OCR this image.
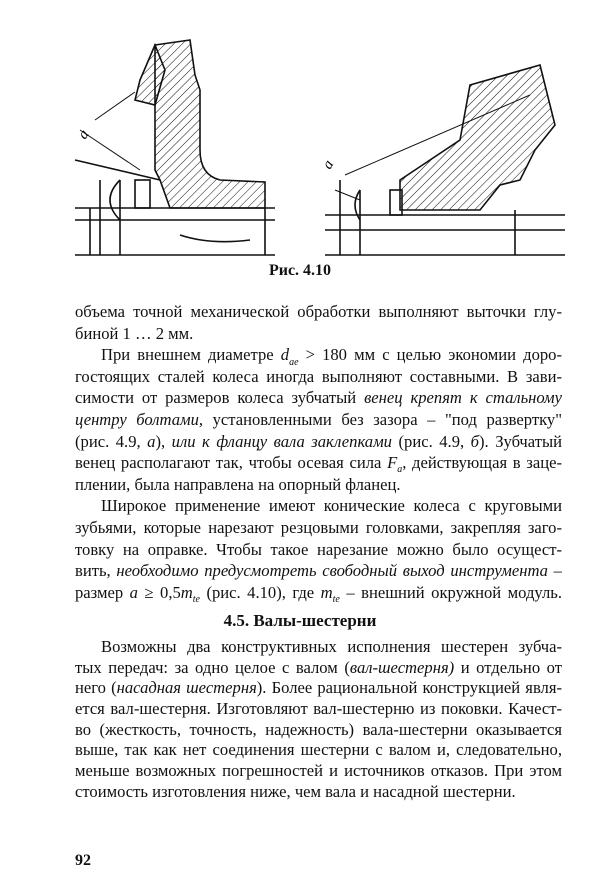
a
a
Рис. 4.10
объема точной механической обработки выполняют выточки глу-
биной 1 … 2 мм.
При внешнем диаметре $d_{ae} > 180$ мм с целью экономии доро-
гостоящих сталей колеса иногда выполняют составными. В зави-
симости от размеров колеса зубчатый венец крепят к стальному
центру болтами, установленными без зазора – "под развертку"
(рис. 4.9, а), или к фланцу вала заклепками (рис. 4.9, б). Зубчатый
венец располагают так, чтобы осевая сила $F_a$, действующая в заце-
плении, была направлена на опорный фланец.
Широкое применение имеют конические колеса с круговыми
зубьями, которые нарезают резцовыми головками, закрепляя заго-
товку на оправке. Чтобы такое нарезание можно было осущест-
вить, необходимо предусмотреть свободный выход инструмента –
размер $a \ge 0,5m_{te}$ (рис. 4.10), где $m_{te}$ – внешний окружной модуль.
4.5. Валы-шестерни
Возможны два конструктивных исполнения шестерен зубча-
тых передач: за одно целое с валом (вал-шестерня) и отдельно от
него (насадная шестерня). Более рациональной конструкцией явля-
ется вал-шестерня. Изготовляют вал-шестерню из поковки. Качест-
во (жесткость, точность, надежность) вала-шестерни оказывается
выше, так как нет соединения шестерни с валом и, следовательно,
меньше возможных погрешностей и источников отказов. При этом
стоимость изготовления ниже, чем вала и насадной шестерни.
92
